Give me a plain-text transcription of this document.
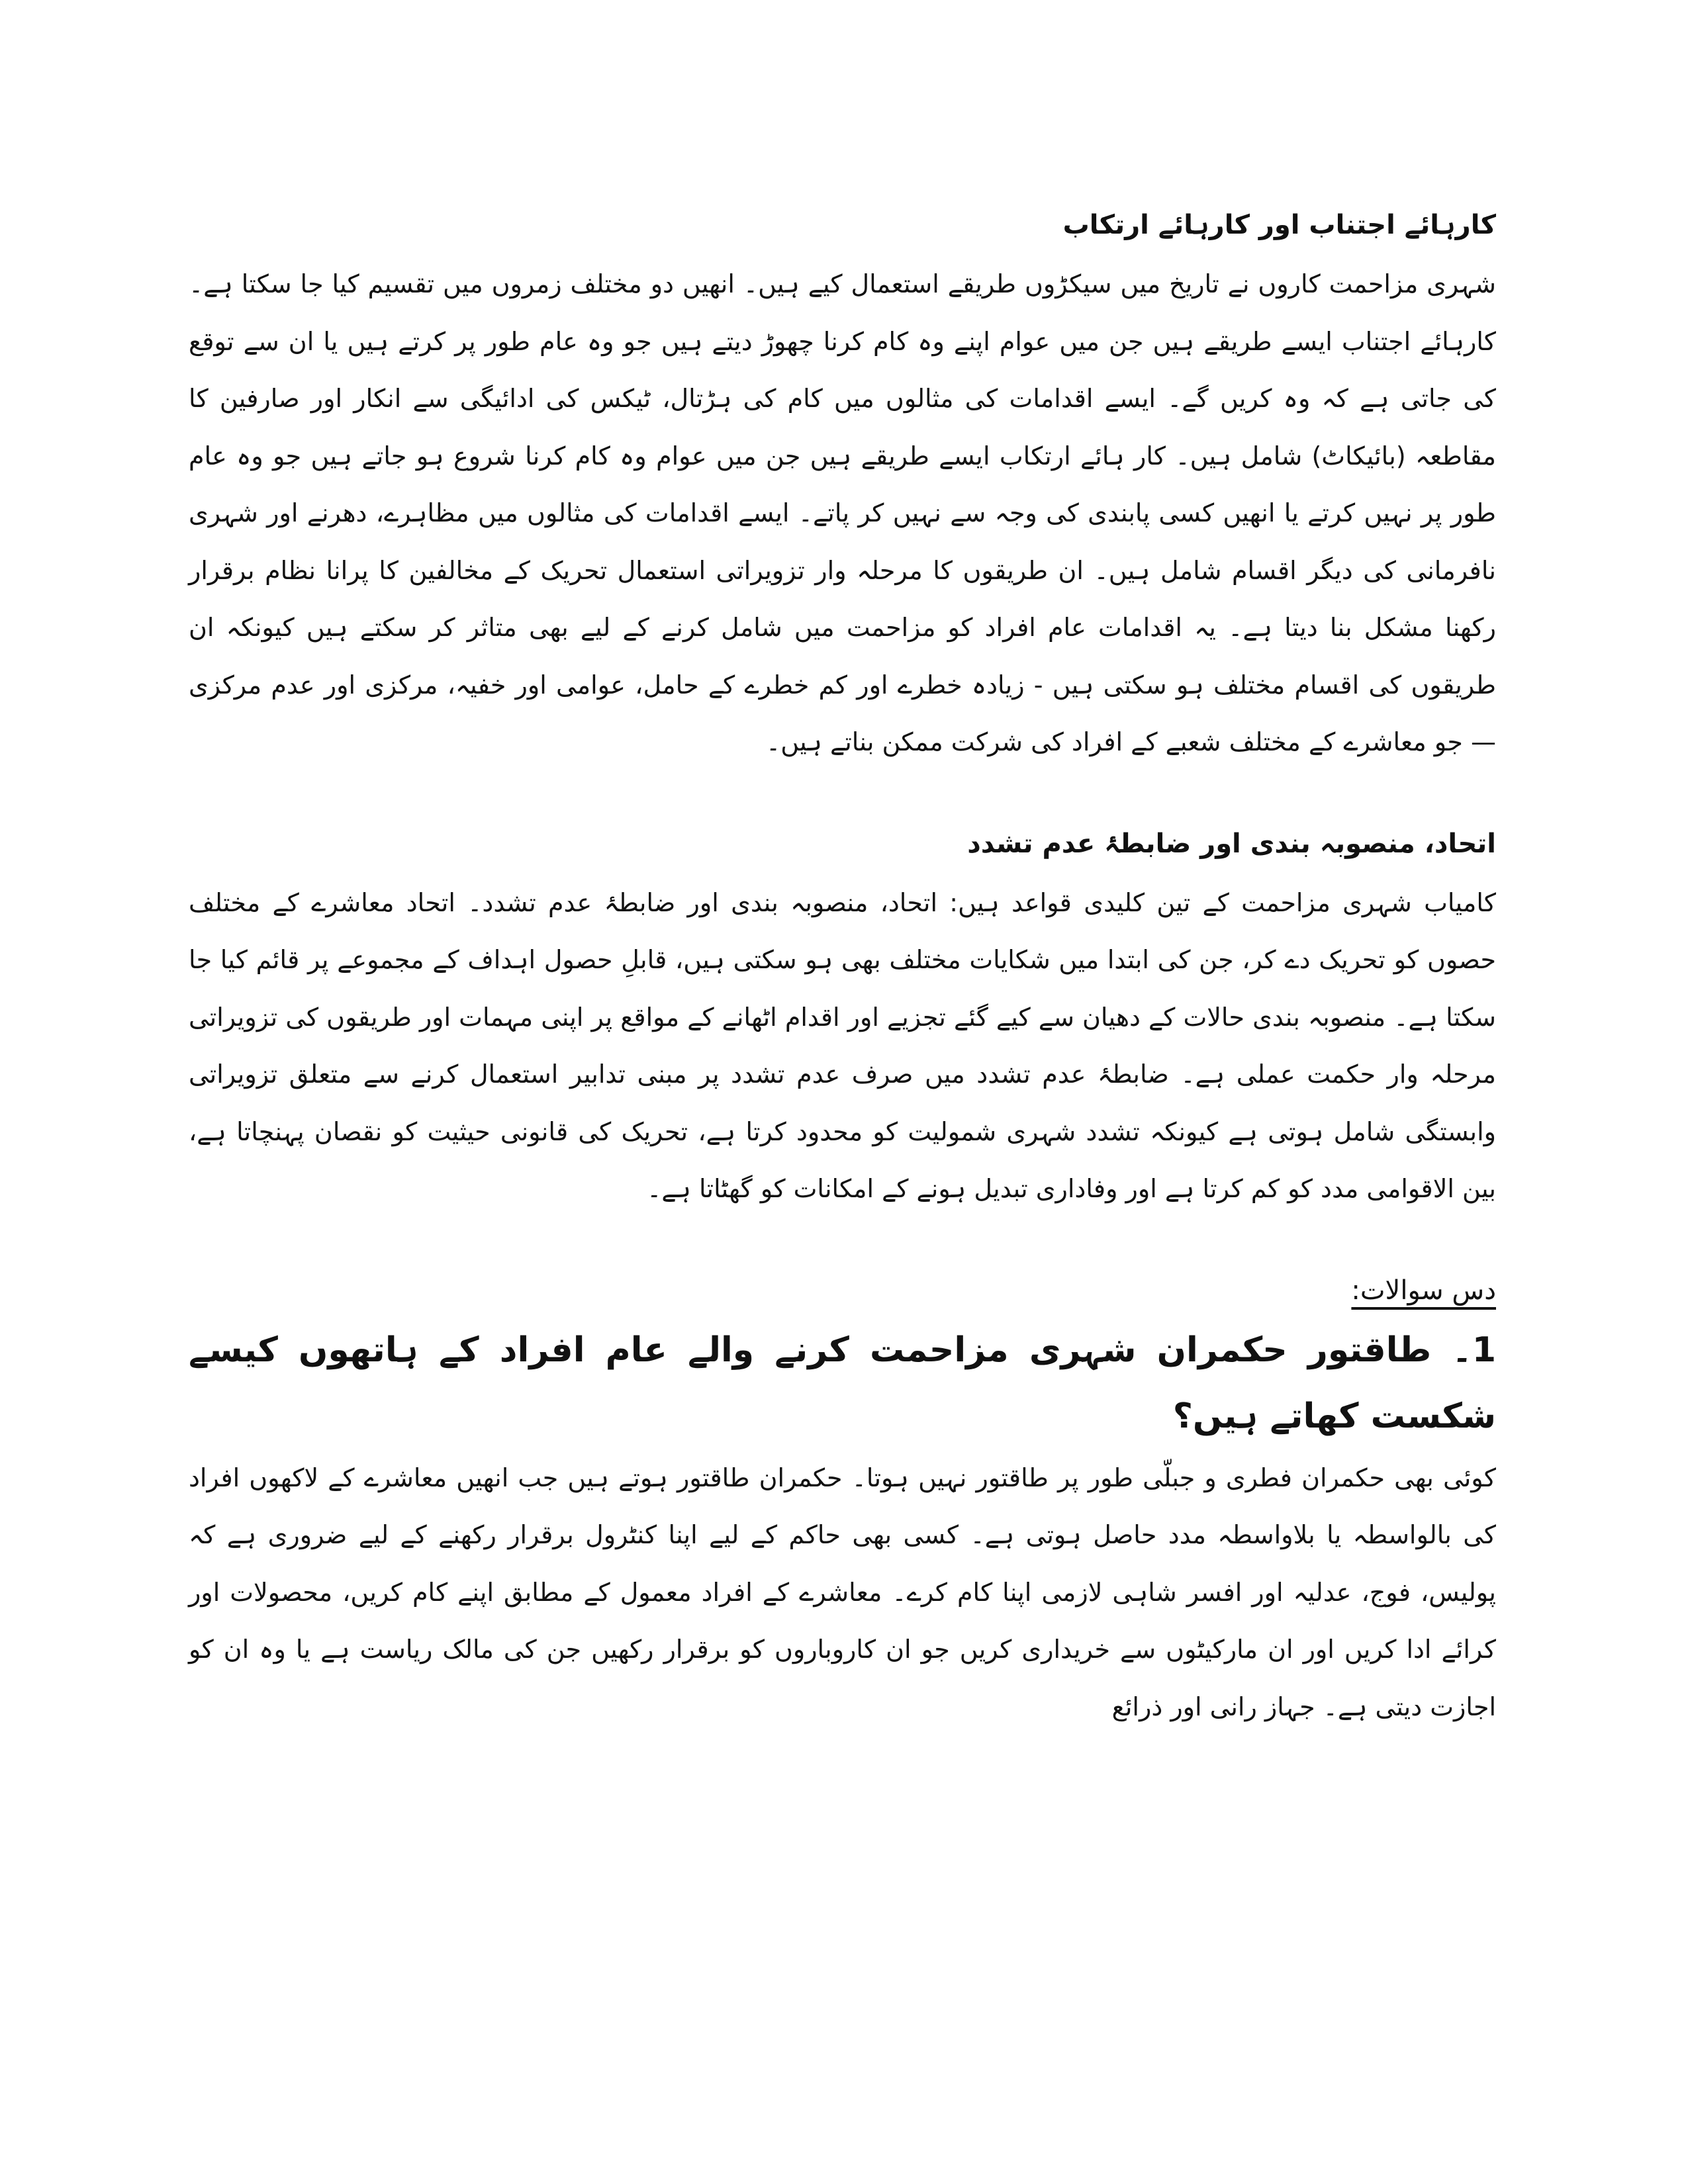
کارہائے اجتناب اور کارہائے ارتکاب

شہری مزاحمت کاروں نے تاریخ میں سیکڑوں طریقے استعمال کیے ہیں۔ انھیں دو مختلف زمروں میں تقسیم کیا جا سکتا ہے۔ کارہائے اجتناب ایسے طریقے ہیں جن میں عوام اپنے وہ کام کرنا چھوڑ دیتے ہیں جو وہ عام طور پر کرتے ہیں یا ان سے توقع کی جاتی ہے کہ وہ کریں گے۔ ایسے اقدامات کی مثالوں میں کام کی ہڑتال، ٹیکس کی ادائیگی سے انکار اور صارفین کا مقاطعہ (بائیکاٹ) شامل ہیں۔ کار ہائے ارتکاب ایسے طریقے ہیں جن میں عوام وہ کام کرنا شروع ہو جاتے ہیں جو وہ عام طور پر نہیں کرتے یا انھیں کسی پابندی کی وجہ سے نہیں کر پاتے۔ ایسے اقدامات کی مثالوں میں مظاہرے، دھرنے اور شہری نافرمانی کی دیگر اقسام شامل ہیں۔ ان طریقوں کا مرحلہ وار تزویراتی استعمال تحریک کے مخالفین کا پرانا نظام برقرار رکھنا مشکل بنا دیتا ہے۔ یہ اقدامات عام افراد کو مزاحمت میں شامل کرنے کے لیے بھی متاثر کر سکتے ہیں کیونکہ ان طریقوں کی اقسام مختلف ہو سکتی ہیں - زیادہ خطرے اور کم خطرے کے حامل، عوامی اور خفیہ، مرکزی اور عدم مرکزی — جو معاشرے کے مختلف شعبے کے افراد کی شرکت ممکن بناتے ہیں۔

اتحاد، منصوبہ بندی اور ضابطۂ عدم تشدد

کامیاب شہری مزاحمت کے تین کلیدی قواعد ہیں: اتحاد، منصوبہ بندی اور ضابطۂ عدم تشدد۔ اتحاد معاشرے کے مختلف حصوں کو تحریک دے کر، جن کی ابتدا میں شکایات مختلف بھی ہو سکتی ہیں، قابلِ حصول اہداف کے مجموعے پر قائم کیا جا سکتا ہے۔ منصوبہ بندی حالات کے دھیان سے کیے گئے تجزیے اور اقدام اٹھانے کے مواقع پر اپنی مہمات اور طریقوں کی تزویراتی مرحلہ وار حکمت عملی ہے۔ ضابطۂ عدم تشدد میں صرف عدم تشدد پر مبنی تدابیر استعمال کرنے سے متعلق تزویراتی وابستگی شامل ہوتی ہے کیونکہ تشدد شہری شمولیت کو محدود کرتا ہے، تحریک کی قانونی حیثیت کو نقصان پہنچاتا ہے، بین الاقوامی مدد کو کم کرتا ہے اور وفاداری تبدیل ہونے کے امکانات کو گھٹاتا ہے۔

دس سوالات:

1۔ طاقتور حکمران شہری مزاحمت کرنے والے عام افراد کے ہاتھوں کیسے شکست کھاتے ہیں؟

کوئی بھی حکمران فطری و جبلّی طور پر طاقتور نہیں ہوتا۔ حکمران طاقتور ہوتے ہیں جب انھیں معاشرے کے لاکھوں افراد کی بالواسطہ یا بلاواسطہ مدد حاصل ہوتی ہے۔ کسی بھی حاکم کے لیے اپنا کنٹرول برقرار رکھنے کے لیے ضروری ہے کہ پولیس، فوج، عدلیہ اور افسر شاہی لازمی اپنا کام کرے۔ معاشرے کے افراد معمول کے مطابق اپنے کام کریں، محصولات اور کرائے ادا کریں اور ان مارکیٹوں سے خریداری کریں جو ان کاروباروں کو برقرار رکھیں جن کی مالک ریاست ہے یا وہ ان کو اجازت دیتی ہے۔ جہاز رانی اور ذرائع
